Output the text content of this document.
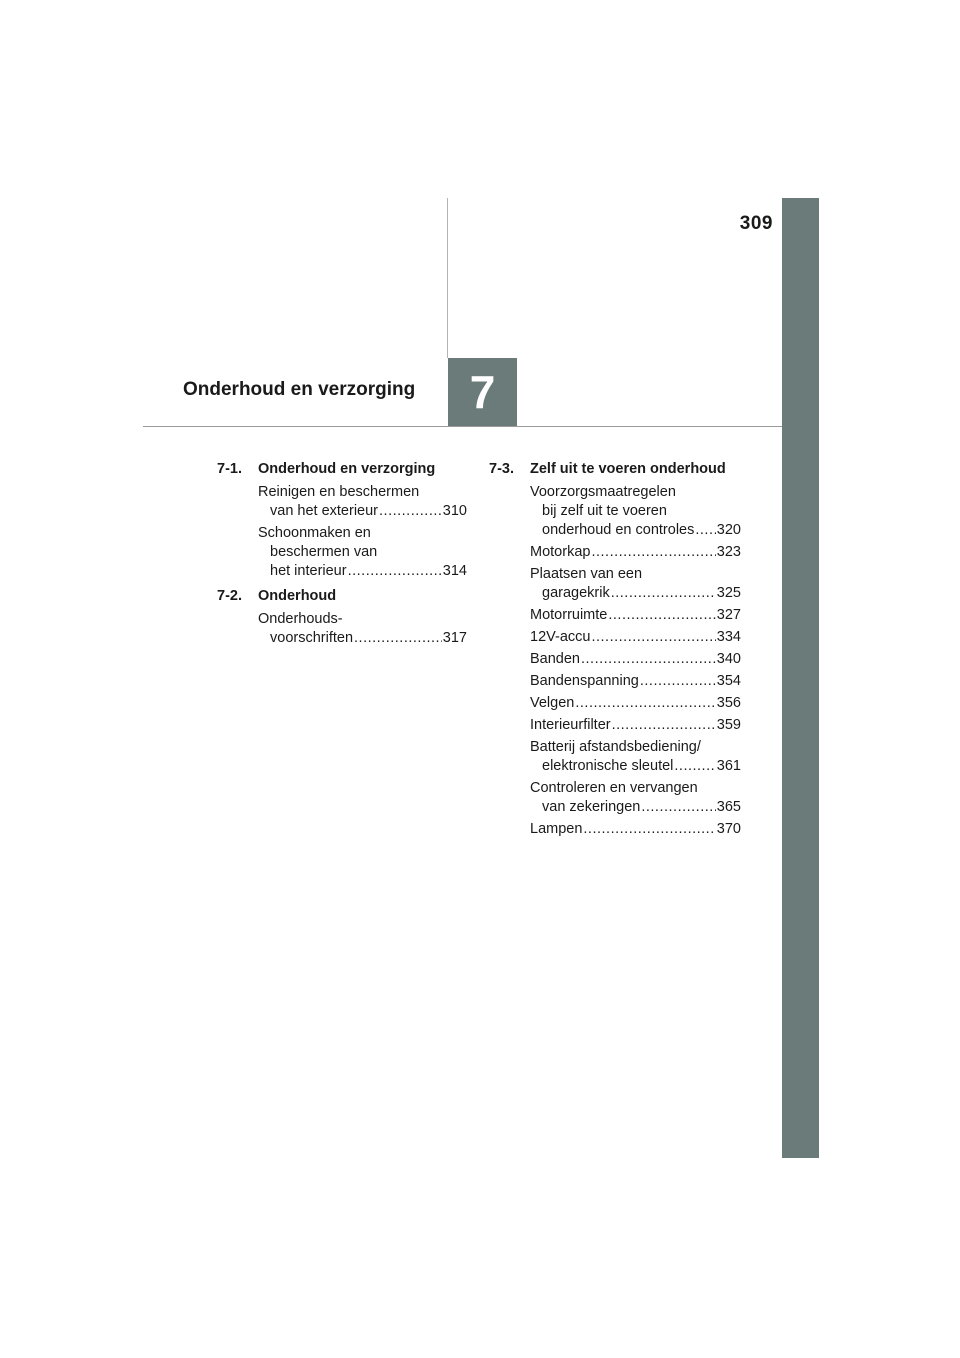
309
7
Onderhoud en verzorging
7-1.	Onderhoud en verzorging
Reinigen en beschermen
van het exterieur .....	310
Schoonmaken en
beschermen van
het interieur .....	314
7-2.	Onderhoud
Onderhouds-
voorschriften .....	317
7-3.	Zelf uit te voeren onderhoud
Voorzorgsmaatregelen
bij zelf uit te voeren
onderhoud en controles ..... 320
Motorkap .....	323
Plaatsen van een
garagekrik .....	325
Motorruimte .....	327
12V-accu .....	334
Banden .....	340
Bandenspanning .....	354
Velgen .....	356
Interieurfilter .....	359
Batterij afstandsbediening/
elektronische sleutel .....	361
Controleren en vervangen
van zekeringen .....	365
Lampen .....	370
